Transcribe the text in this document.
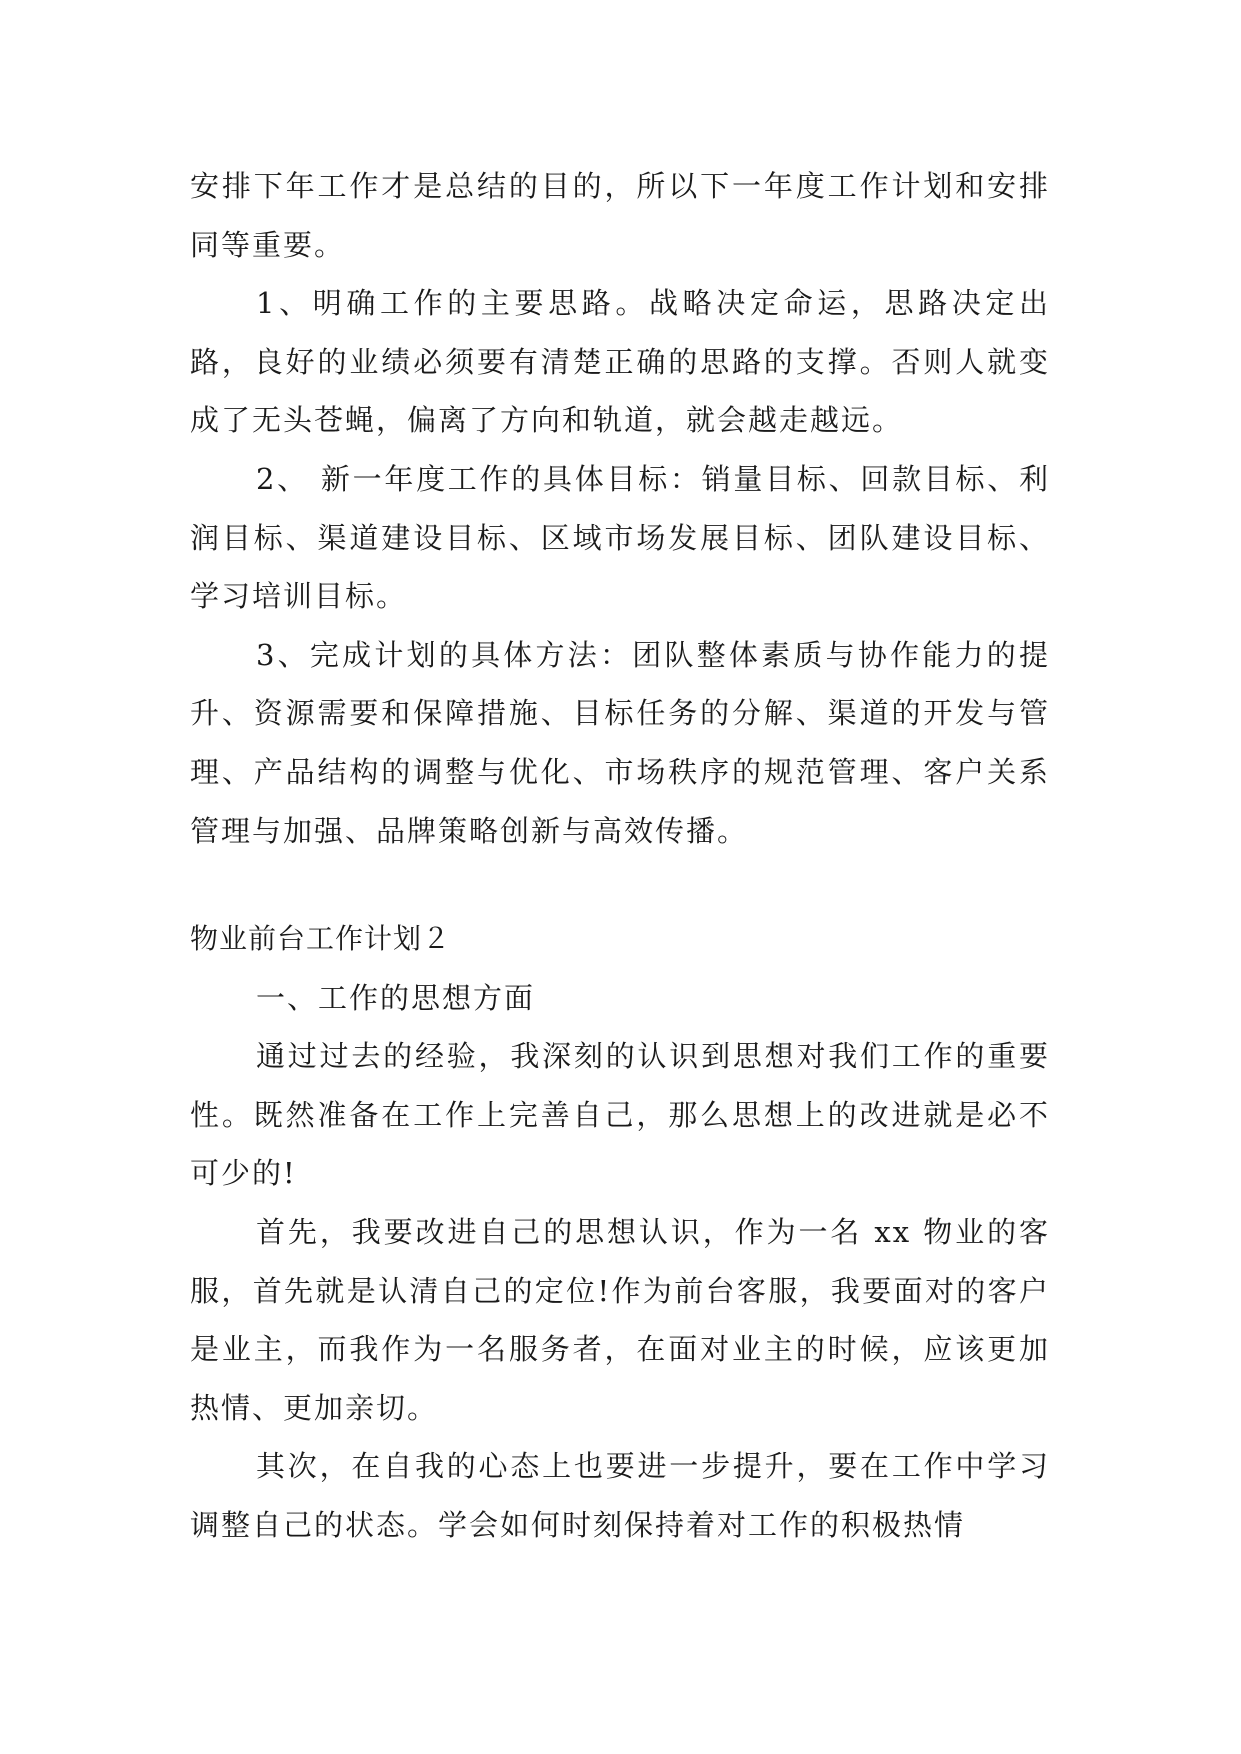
安排下年工作才是总结的目的，所以下一年度工作计划和安排同等重要。

1、明确工作的主要思路。战略决定命运，思路决定出路，良好的业绩必须要有清楚正确的思路的支撑。否则人就变成了无头苍蝇，偏离了方向和轨道，就会越走越远。

2、 新一年度工作的具体目标：销量目标、回款目标、利润目标、渠道建设目标、区域市场发展目标、团队建设目标、学习培训目标。

3、完成计划的具体方法：团队整体素质与协作能力的提升、资源需要和保障措施、目标任务的分解、渠道的开发与管理、产品结构的调整与优化、市场秩序的规范管理、客户关系管理与加强、品牌策略创新与高效传播。

物业前台工作计划２

一、工作的思想方面

通过过去的经验，我深刻的认识到思想对我们工作的重要性。既然准备在工作上完善自己，那么思想上的改进就是必不可少的!

首先，我要改进自己的思想认识，作为一名 xx 物业的客服，首先就是认清自己的定位!作为前台客服，我要面对的客户是业主，而我作为一名服务者，在面对业主的时候，应该更加热情、更加亲切。

其次，在自我的心态上也要进一步提升，要在工作中学习调整自己的状态。学会如何时刻保持着对工作的积极热情
